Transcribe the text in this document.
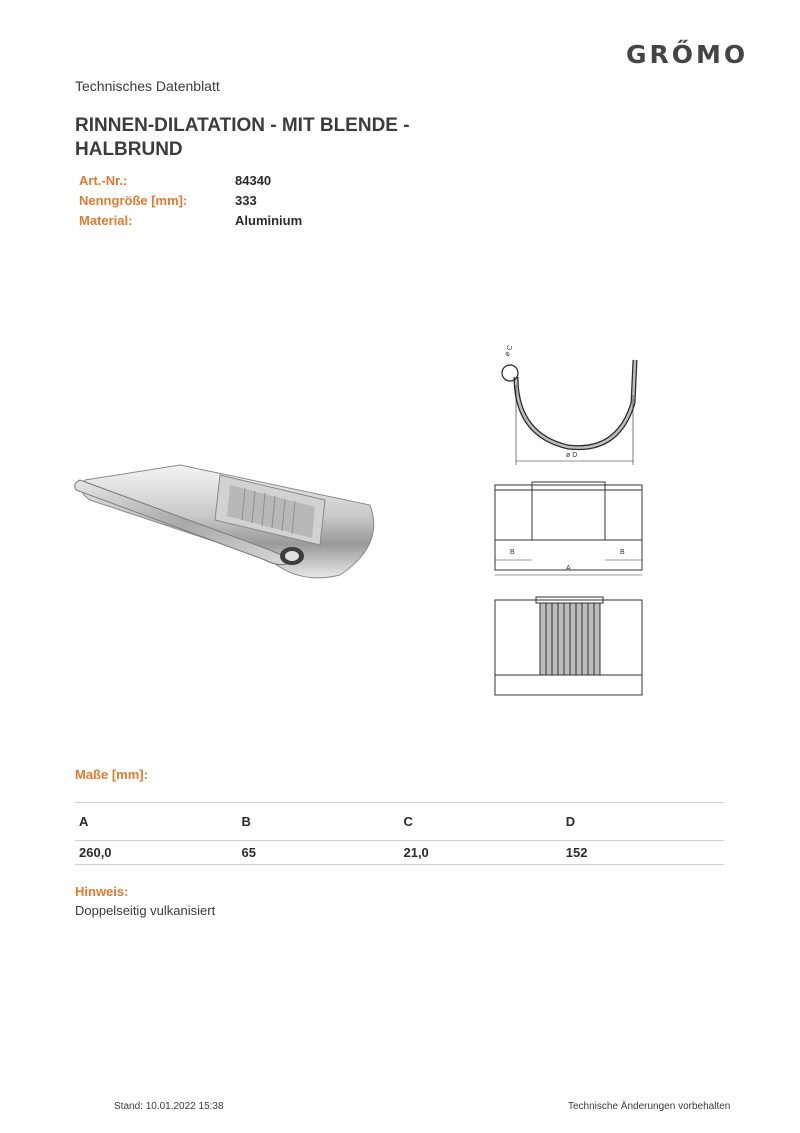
GRŐMO
Technisches Datenblatt
RINNEN-DILATATION - MIT BLENDE - HALBRUND
Art.-Nr.:	84340
Nenngröße [mm]:	333
Material:	Aluminium
ø C
ø D
B	B
A
Maße [mm]:
A	B	C	D
260,0	65	21,0	152
Hinweis:
Doppelseitig vulkanisiert
Stand: 10.01.2022 15:38	Technische Änderungen vorbehalten
